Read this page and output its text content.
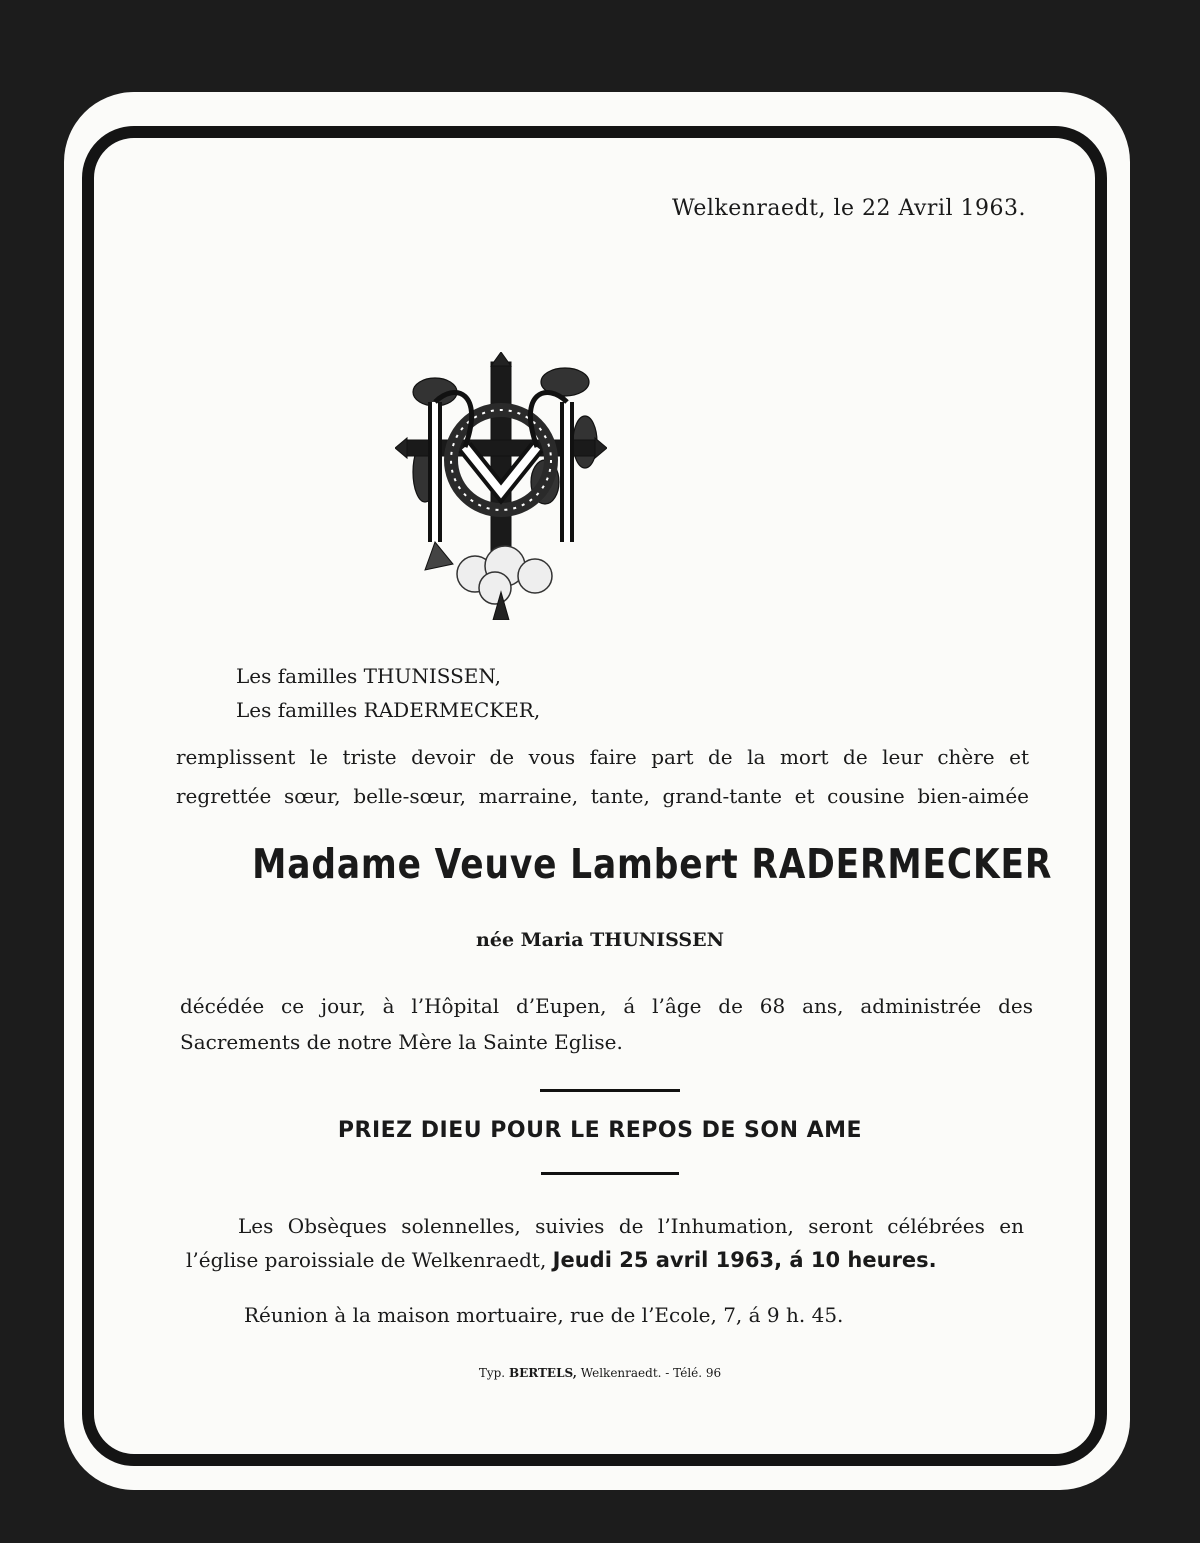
Welkenraedt, le 22 Avril 1963.
Les familles THUNISSEN,
Les familles RADERMECKER,
remplissent le triste devoir de vous faire part de la mort de leur chère et
regrettée sœur, belle-sœur, marraine, tante, grand-tante et cousine bien-aimée
Madame Veuve Lambert RADERMECKER
née Maria THUNISSEN
décédée ce jour, à l’Hôpital d’Eupen, á l’âge de 68 ans, administrée des
Sacrements de notre Mère la Sainte Eglise.
PRIEZ DIEU POUR LE REPOS DE SON AME
Les Obsèques solennelles, suivies de l’Inhumation, seront célébrées en
l’église paroissiale de Welkenraedt, Jeudi 25 avril 1963, á 10 heures.
Réunion à la maison mortuaire, rue de l’Ecole, 7, á 9 h. 45.
Typ. BERTELS, Welkenraedt. - Télé. 96
